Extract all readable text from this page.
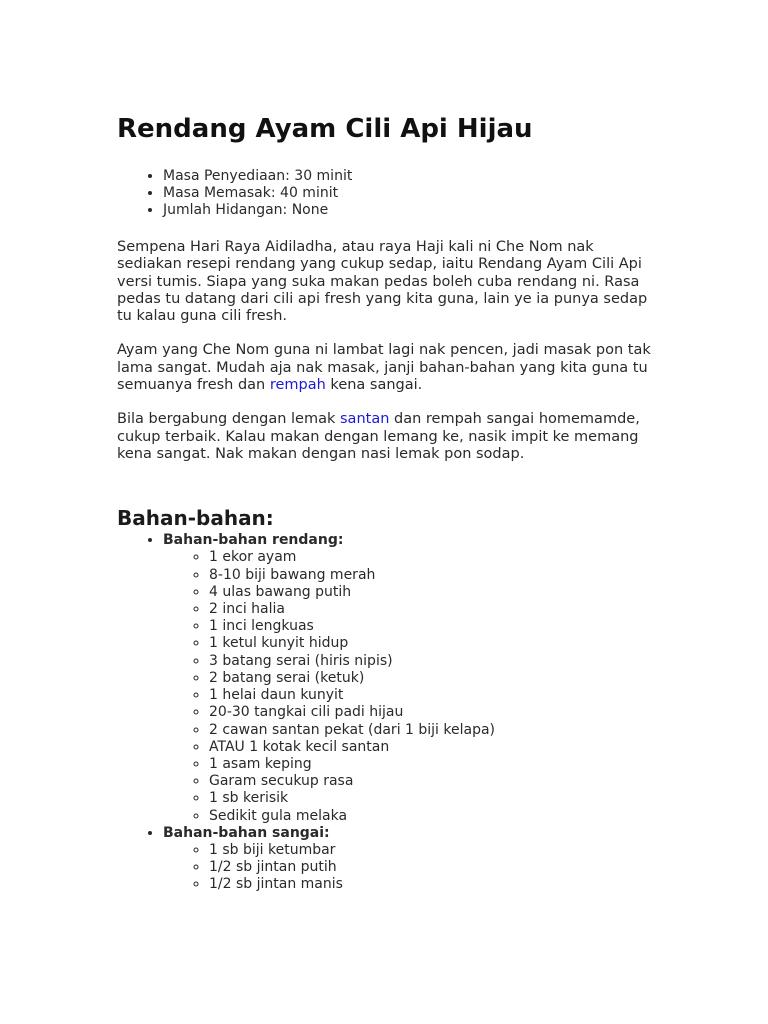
Rendang Ayam Cili Api Hijau
• Masa Penyediaan: 30 minit
• Masa Memasak: 40 minit
• Jumlah Hidangan: None

Sempena Hari Raya Aidiladha, atau raya Haji kali ni Che Nom nak sediakan resepi rendang yang cukup sedap, iaitu Rendang Ayam Cili Api versi tumis. Siapa yang suka makan pedas boleh cuba rendang ni. Rasa pedas tu datang dari cili api fresh yang kita guna, lain ye ia punya sedap tu kalau guna cili fresh.

Ayam yang Che Nom guna ni lambat lagi nak pencen, jadi masak pon tak lama sangat. Mudah aja nak masak, janji bahan-bahan yang kita guna tu semuanya fresh dan rempah kena sangai.

Bila bergabung dengan lemak santan dan rempah sangai homemamde, cukup terbaik. Kalau makan dengan lemang ke, nasik impit ke memang kena sangat. Nak makan dengan nasi lemak pon sodap.

Bahan-bahan:
• Bahan-bahan rendang:
◦ 1 ekor ayam
◦ 8-10 biji bawang merah
◦ 4 ulas bawang putih
◦ 2 inci halia
◦ 1 inci lengkuas
◦ 1 ketul kunyit hidup
◦ 3 batang serai (hiris nipis)
◦ 2 batang serai (ketuk)
◦ 1 helai daun kunyit
◦ 20-30 tangkai cili padi hijau
◦ 2 cawan santan pekat (dari 1 biji kelapa)
◦ ATAU 1 kotak kecil santan
◦ 1 asam keping
◦ Garam secukup rasa
◦ 1 sb kerisik
◦ Sedikit gula melaka
• Bahan-bahan sangai:
◦ 1 sb biji ketumbar
◦ 1/2 sb jintan putih
◦ 1/2 sb jintan manis
